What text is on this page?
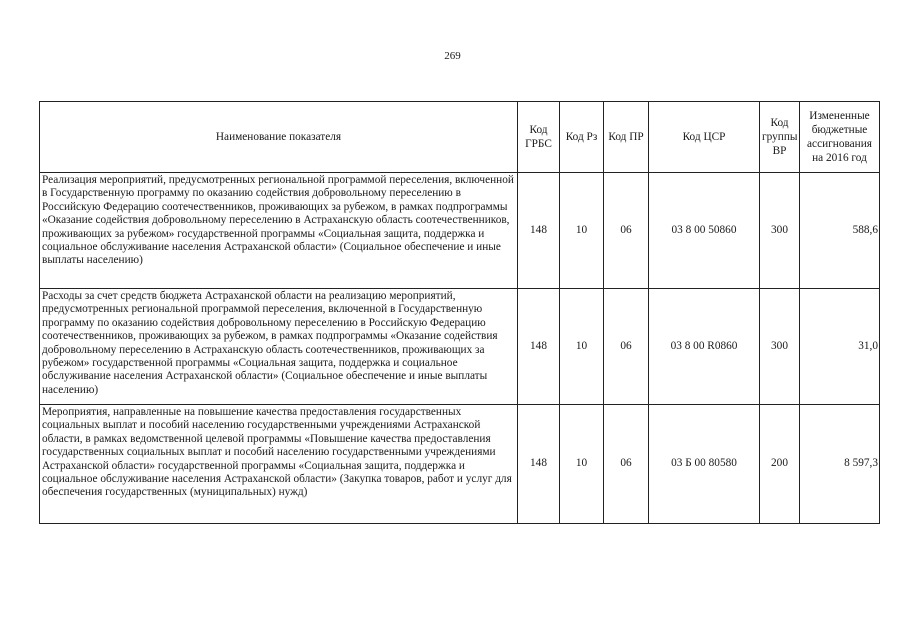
269
Наименование показателя	Код ГРБС	Код Рз	Код ПР	Код ЦСР	Код группы ВР	Измененные бюджетные ассигнования на 2016 год
Реализация мероприятий, предусмотренных региональной программой переселения, включенной в Государственную программу по оказанию содействия добровольному переселению в Российскую Федерацию соотечественников, проживающих за рубежом, в рамках подпрограммы «Оказание содействия добровольному переселению в Астраханскую область соотечественников, проживающих за рубежом» государственной программы «Социальная защита, поддержка и социальное обслуживание населения Астраханской области» (Социальное обеспечение и иные выплаты населению)	148	10	06	03 8 00 50860	300	588,6
Расходы за счет средств бюджета Астраханской области на реализацию мероприятий, предусмотренных региональной программой переселения, включенной в Государственную программу по оказанию содействия добровольному переселению в Российскую Федерацию соотечественников, проживающих за рубежом, в рамках подпрограммы «Оказание содействия добровольному переселению в Астраханскую область соотечественников, проживающих за рубежом» государственной программы «Социальная защита, поддержка и социальное обслуживание населения Астраханской области» (Социальное обеспечение и иные выплаты населению)	148	10	06	03 8 00 R0860	300	31,0
Мероприятия, направленные на повышение качества предоставления государственных социальных выплат и пособий населению государственными учреждениями Астраханской области, в рамках ведомственной целевой программы «Повышение качества предоставления государственных социальных выплат и пособий населению государственными учреждениями Астраханской области» государственной программы «Социальная защита, поддержка и социальное обслуживание населения Астраханской области» (Закупка товаров, работ и услуг для обеспечения государственных (муниципальных) нужд)	148	10	06	03 Б 00 80580	200	8 597,3
